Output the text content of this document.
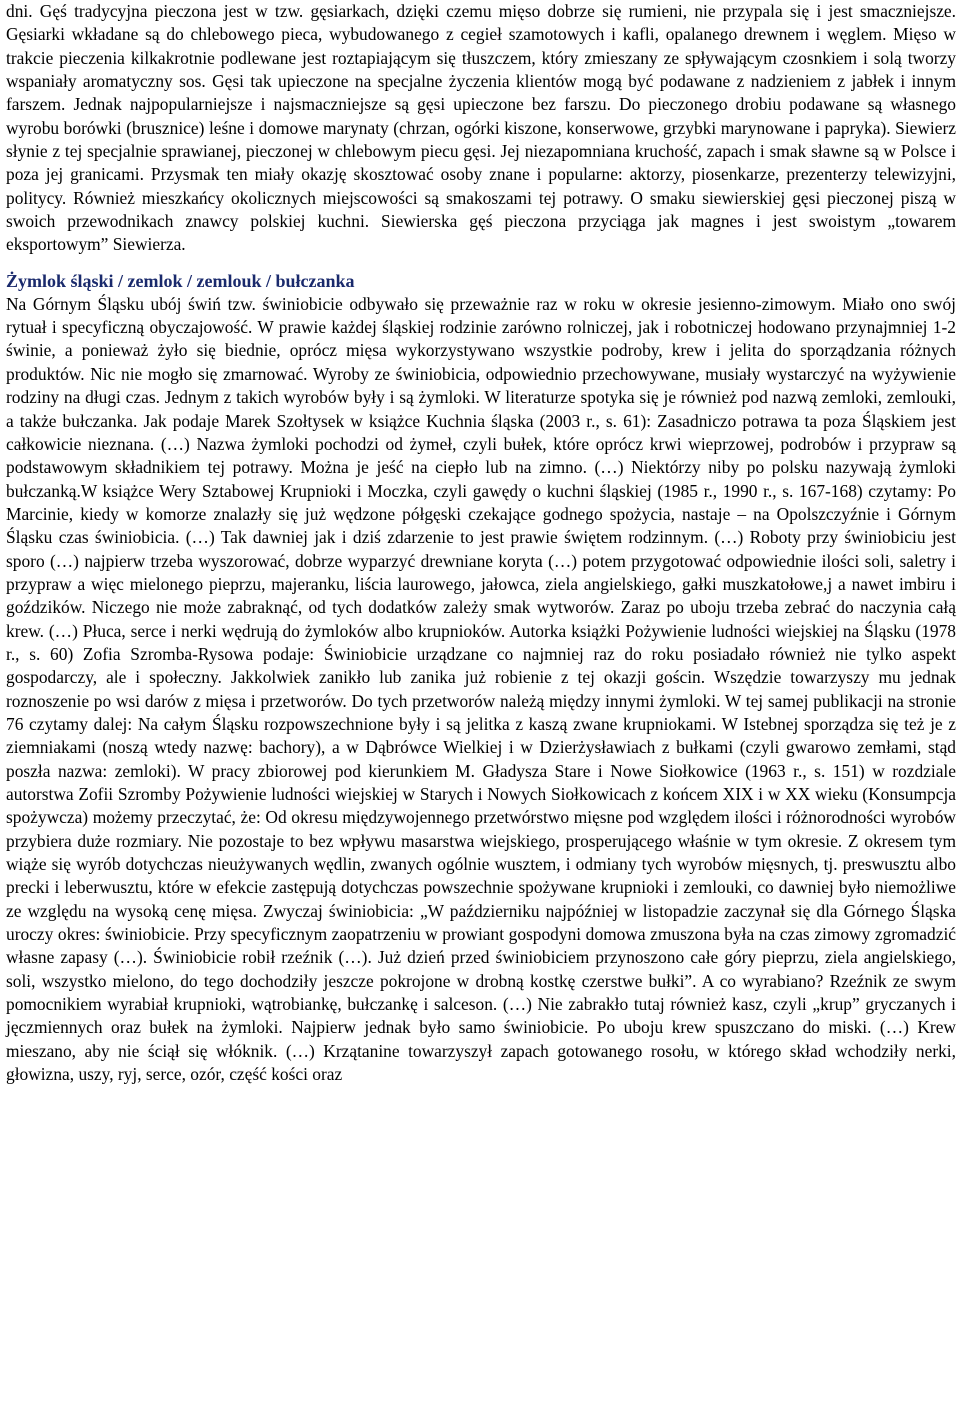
dni. Gęś tradycyjna pieczona jest w tzw. gęsiarkach, dzięki czemu mięso dobrze się rumieni, nie przypala się i jest smaczniejsze. Gęsiarki wkładane są do chlebowego pieca, wybudowanego z cegieł szamotowych i kafli, opalanego drewnem i węglem. Mięso w trakcie pieczenia kilkakrotnie podlewane jest roztapiającym się tłuszczem, który zmieszany ze spływającym czosnkiem i solą tworzy wspaniały aromatyczny sos. Gęsi tak upieczone na specjalne życzenia klientów mogą być podawane z nadzieniem z jabłek i innym farszem. Jednak najpopularniejsze i najsmaczniejsze są gęsi upieczone bez farszu. Do pieczonego drobiu podawane są własnego wyrobu borówki (brusznice) leśne i domowe marynaty (chrzan, ogórki kiszone, konserwowe, grzybki marynowane i papryka). Siewierz słynie z tej specjalnie sprawianej, pieczonej w chlebowym piecu gęsi. Jej niezapomniana kruchość, zapach i smak sławne są w Polsce i poza jej granicami. Przysmak ten miały okazję skosztować osoby znane i popularne: aktorzy, piosenkarze, prezenterzy telewizyjni, politycy. Również mieszkańcy okolicznych miejscowości są smakoszami tej potrawy. O smaku siewierskiej gęsi pieczonej piszą w swoich przewodnikach znawcy polskiej kuchni. Siewierska gęś pieczona przyciąga jak magnes i jest swoistym „towarem eksportowym” Siewierza.

Żymlok śląski / zemlok / zemlouk / bułczanka

Na Górnym Śląsku ubój świń tzw. świniobicie odbywało się przeważnie raz w roku w okresie jesienno-zimowym. Miało ono swój rytuał i specyficzną obyczajowość. W prawie każdej śląskiej rodzinie zarówno rolniczej, jak i robotniczej hodowano przynajmniej 1-2 świnie, a ponieważ żyło się biednie, oprócz mięsa wykorzystywano wszystkie podroby, krew i jelita do sporządzania różnych produktów. Nic nie mogło się zmarnować. Wyroby ze świniobicia, odpowiednio przechowywane, musiały wystarczyć na wyżywienie rodziny na długi czas. Jednym z takich wyrobów były i są żymloki. W literaturze spotyka się je również pod nazwą zemloki, zemlouki, a także bułczanka. Jak podaje Marek Szołtysek w książce Kuchnia śląska (2003 r., s. 61): Zasadniczo potrawa ta poza Śląskiem jest całkowicie nieznana. (…) Nazwa żymloki pochodzi od żymeł, czyli bułek, które oprócz krwi wieprzowej, podrobów i przypraw są podstawowym składnikiem tej potrawy. Można je jeść na ciepło lub na zimno. (…) Niektórzy niby po polsku nazywają żymloki bułczanką.W książce Wery Sztabowej Krupnioki i Moczka, czyli gawędy o kuchni śląskiej (1985 r., 1990 r., s. 167-168) czytamy: Po Marcinie, kiedy w komorze znalazły się już wędzone półgęski czekające godnego spożycia, nastaje – na Opolszczyźnie i Górnym Śląsku czas świniobicia. (…) Tak dawniej jak i dziś zdarzenie to jest prawie świętem rodzinnym. (…) Roboty przy świniobiciu jest sporo (…) najpierw trzeba wyszorować, dobrze wyparzyć drewniane koryta (…) potem przygotować odpowiednie ilości soli, saletry i przypraw a więc mielonego pieprzu, majeranku, liścia laurowego, jałowca, ziela angielskiego, gałki muszkatołowe,j a nawet imbiru i goździków. Niczego nie może zabraknąć, od tych dodatków zależy smak wytworów. Zaraz po uboju trzeba zebrać do naczynia całą krew. (…) Płuca, serce i nerki wędrują do żymloków albo krupnioków. Autorka książki Pożywienie ludności wiejskiej na Śląsku (1978 r., s. 60) Zofia Szromba-Rysowa podaje: Świniobicie urządzane co najmniej raz do roku posiadało również nie tylko aspekt gospodarczy, ale i społeczny. Jakkolwiek zanikło lub zanika już robienie z tej okazji gościn. Wszędzie towarzyszy mu jednak roznoszenie po wsi darów z mięsa i przetworów. Do tych przetworów należą między innymi żymloki. W tej samej publikacji na stronie 76 czytamy dalej: Na całym Śląsku rozpowszechnione były i są jelitka z kaszą zwane krupniokami. W Istebnej sporządza się też je z ziemniakami (noszą wtedy nazwę: bachory), a w Dąbrówce Wielkiej i w Dzierżysławiach z bułkami (czyli gwarowo zemłami, stąd poszła nazwa: zemloki). W pracy zbiorowej pod kierunkiem M. Gładysza Stare i Nowe Siołkowice (1963 r., s. 151) w rozdziale autorstwa Zofii Szromby Pożywienie ludności wiejskiej w Starych i Nowych Siołkowicach z końcem XIX i w XX wieku (Konsumpcja spożywcza) możemy przeczytać, że: Od okresu międzywojennego przetwórstwo mięsne pod względem ilości i różnorodności wyrobów przybiera duże rozmiary. Nie pozostaje to bez wpływu masarstwa wiejskiego, prosperującego właśnie w tym okresie. Z okresem tym wiąże się wyrób dotychczas nieużywanych wędlin, zwanych ogólnie wusztem, i odmiany tych wyrobów mięsnych, tj. preswusztu albo precki i leberwusztu, które w efekcie zastępują dotychczas powszechnie spożywane krupnioki i zemlouki, co dawniej było niemożliwe ze względu na wysoką cenę mięsa. Zwyczaj świniobicia: „W październiku najpóźniej w listopadzie zaczynał się dla Górnego Śląska uroczy okres: świniobicie. Przy specyficznym zaopatrzeniu w prowiant gospodyni domowa zmuszona była na czas zimowy zgromadzić własne zapasy (…). Świniobicie robił rzeźnik (…). Już dzień przed świniobiciem przynoszono całe góry pieprzu, ziela angielskiego, soli, wszystko mielono, do tego dochodziły jeszcze pokrojone w drobną kostkę czerstwe bułki”. A co wyrabiano? Rzeźnik ze swym pomocnikiem wyrabiał krupnioki, wątrobiankę, bułczankę i salceson. (…) Nie zabrakło tutaj również kasz, czyli „krup” gryczanych i jęczmiennych oraz bułek na żymloki. Najpierw jednak było samo świniobicie. Po uboju krew spuszczano do miski. (…) Krew mieszano, aby nie ściął się włóknik. (…) Krzątanine towarzyszył zapach gotowanego rosołu, w którego skład wchodziły nerki, głowizna, uszy, ryj, serce, ozór, część kości oraz
